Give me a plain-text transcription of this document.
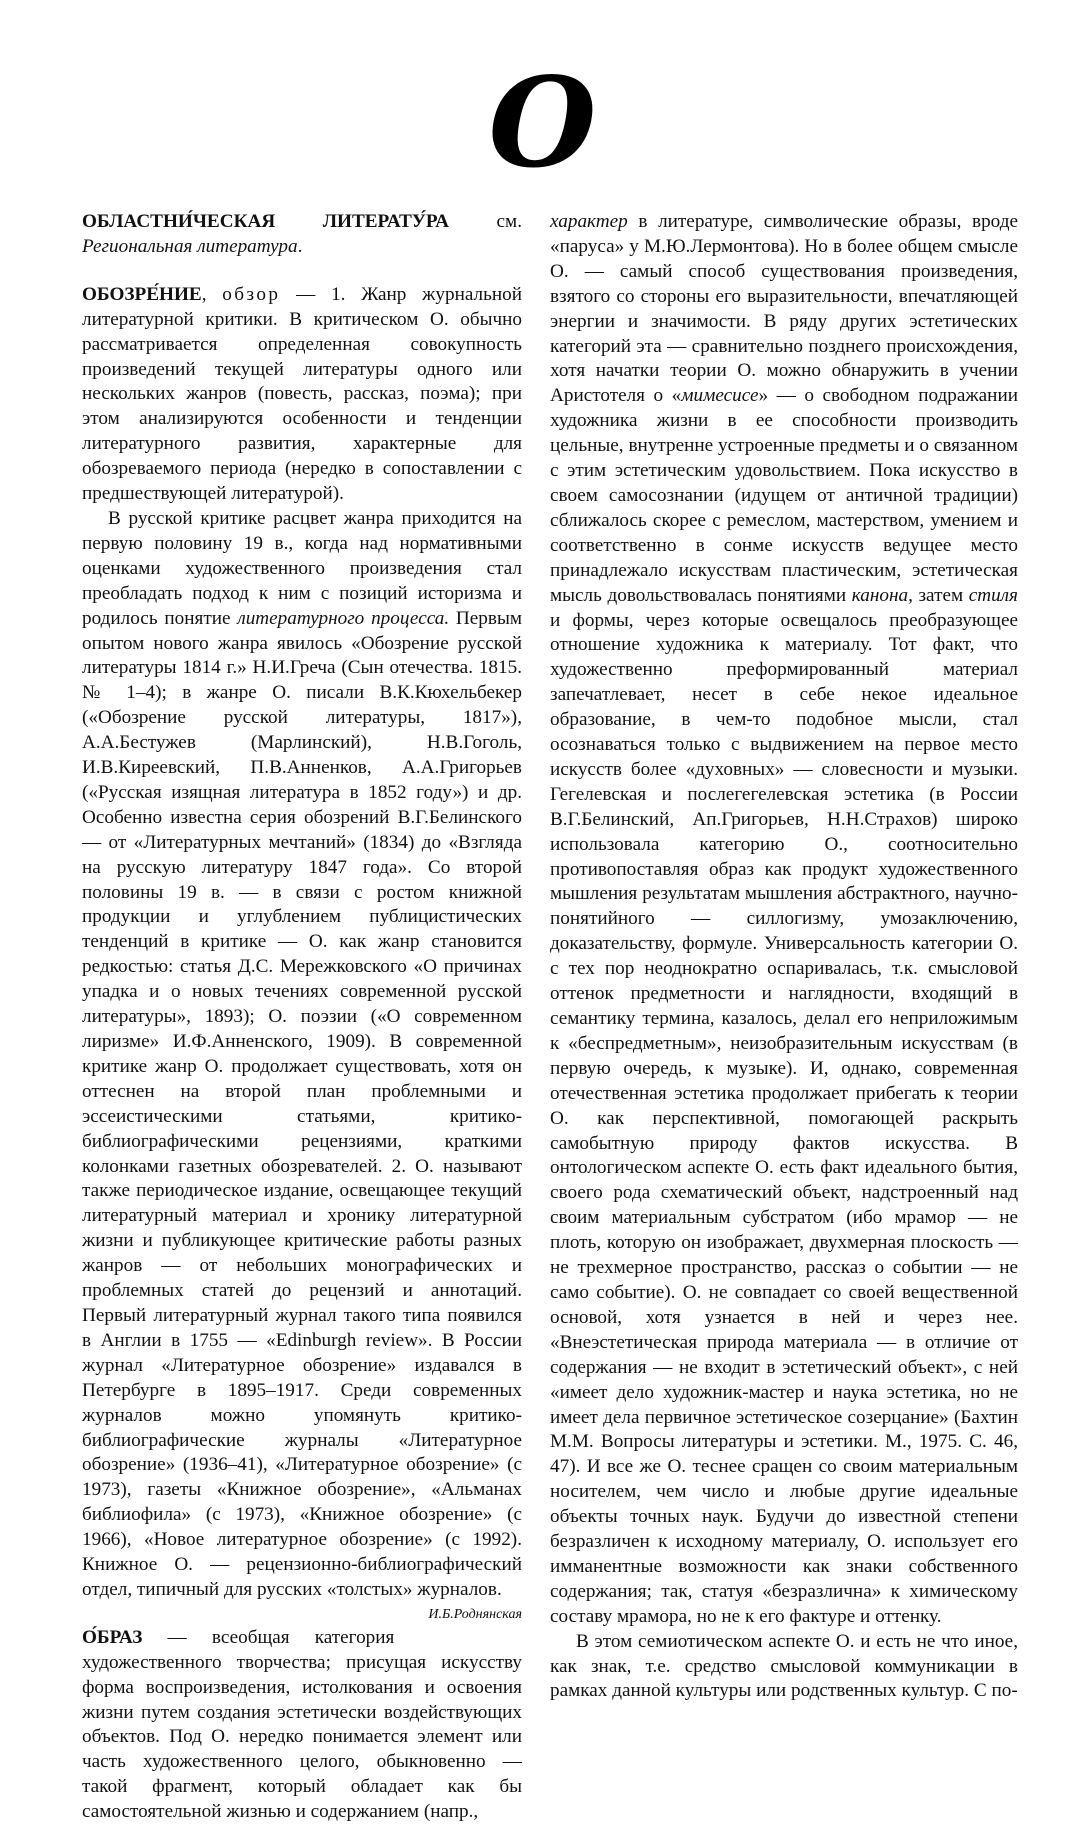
О

ОБЛАСТНИ́ЧЕСКАЯ ЛИТЕРАТУ́РА см. Региональная литература.

ОБОЗРЕ́НИЕ, обзор — 1. Жанр журнальной литературной критики. В критическом О. обычно рассматривается определенная совокупность произведений текущей литературы одного или нескольких жанров (повесть, рассказ, поэма); при этом анализируются особенности и тенденции литературного развития, характерные для обозреваемого периода (нередко в сопоставлении с предшествующей литературой).

В русской критике расцвет жанра приходится на первую половину 19 в., когда над нормативными оценками художественного произведения стал преобладать подход к ним с позиций историзма и родилось понятие литературного процесса. Первым опытом нового жанра явилось «Обозрение русской литературы 1814 г.» Н.И.Греча (Сын отечества. 1815. № 1–4); в жанре О. писали В.К.Кюхельбекер («Обозрение русской литературы, 1817»), А.А.Бестужев (Марлинский), Н.В.Гоголь, И.В.Киреевский, П.В.Анненков, А.А.Григорьев («Русская изящная литература в 1852 году») и др. Особенно известна серия обозрений В.Г.Белинского — от «Литературных мечтаний» (1834) до «Взгляда на русскую литературу 1847 года». Со второй половины 19 в. — в связи с ростом книжной продукции и углублением публицистических тенденций в критике — О. как жанр становится редкостью: статья Д.С. Мережковского «О причинах упадка и о новых течениях современной русской литературы», 1893); О. поэзии («О современном лиризме» И.Ф.Анненского, 1909). В современной критике жанр О. продолжает существовать, хотя он оттеснен на второй план проблемными и эссеистическими статьями, критико-библиографическими рецензиями, краткими колонками газетных обозревателей. 2. О. называют также периодическое издание, освещающее текущий литературный материал и хронику литературной жизни и публикующее критические работы разных жанров — от небольших монографических и проблемных статей до рецензий и аннотаций. Первый литературный журнал такого типа появился в Англии в 1755 — «Edinburgh review». В России журнал «Литературное обозрение» издавался в Петербурге в 1895–1917. Среди современных журналов можно упомянуть критико-библиографические журналы «Литературное обозрение» (1936–41), «Литературное обозрение» (с 1973), газеты «Книжное обозрение», «Альманах библиофила» (с 1973), «Книжное обозрение» (с 1966), «Новое литературное обозрение» (с 1992). Книжное О. — рецензионно-библиографический отдел, типичный для русских «толстых» журналов.
И.Б.Роднянская

О́БРАЗ — всеобщая категория художественного творчества; присущая искусству форма воспроизведения, истолкования и освоения жизни путем создания эстетически воздействующих объектов. Под О. нередко понимается элемент или часть художественного целого, обыкновенно — такой фрагмент, который обладает как бы самостоятельной жизнью и содержанием (напр.,

характер в литературе, символические образы, вроде «паруса» у М.Ю.Лермонтова). Но в более общем смысле О. — самый способ существования произведения, взятого со стороны его выразительности, впечатляющей энергии и значимости. В ряду других эстетических категорий эта — сравнительно позднего происхождения, хотя начатки теории О. можно обнаружить в учении Аристотеля о «мимесисе» — о свободном подражании художника жизни в ее способности производить цельные, внутренне устроенные предметы и о связанном с этим эстетическим удовольствием. Пока искусство в своем самосознании (идущем от античной традиции) сближалось скорее с ремеслом, мастерством, умением и соответственно в сонме искусств ведущее место принадлежало искусствам пластическим, эстетическая мысль довольствовалась понятиями канона, затем стиля и формы, через которые освещалось преобразующее отношение художника к материалу. Тот факт, что художественно преформированный материал запечатлевает, несет в себе некое идеальное образование, в чем-то подобное мысли, стал осознаваться только с выдвижением на первое место искусств более «духовных» — словесности и музыки. Гегелевская и послегегелевская эстетика (в России В.Г.Белинский, Ап.Григорьев, Н.Н.Страхов) широко использовала категорию О., соотносительно противопоставляя образ как продукт художественного мышления результатам мышления абстрактного, научно-понятийного — силлогизму, умозаключению, доказательству, формуле. Универсальность категории О. с тех пор неоднократно оспаривалась, т.к. смысловой оттенок предметности и наглядности, входящий в семантику термина, казалось, делал его неприложимым к «беспредметным», неизобразительным искусствам (в первую очередь, к музыке). И, однако, современная отечественная эстетика продолжает прибегать к теории О. как перспективной, помогающей раскрыть самобытную природу фактов искусства. В онтологическом аспекте О. есть факт идеального бытия, своего рода схематический объект, надстроенный над своим материальным субстратом (ибо мрамор — не плоть, которую он изображает, двухмерная плоскость — не трехмерное пространство, рассказ о событии — не само событие). О. не совпадает со своей вещественной основой, хотя узнается в ней и через нее. «Внеэстетическая природа материала — в отличие от содержания — не входит в эстетический объект», с ней «имеет дело художник-мастер и наука эстетика, но не имеет дела первичное эстетическое созерцание» (Бахтин М.М. Вопросы литературы и эстетики. М., 1975. С. 46, 47). И все же О. теснее сращен со своим материальным носителем, чем число и любые другие идеальные объекты точных наук. Будучи до известной степени безразличен к исходному материалу, О. использует его имманентные возможности как знаки собственного содержания; так, статуя «безразлична» к химическому составу мрамора, но не к его фактуре и оттенку.

В этом семиотическом аспекте О. и есть не что иное, как знак, т.е. средство смысловой коммуникации в рамках данной культуры или родственных культур. С по-
